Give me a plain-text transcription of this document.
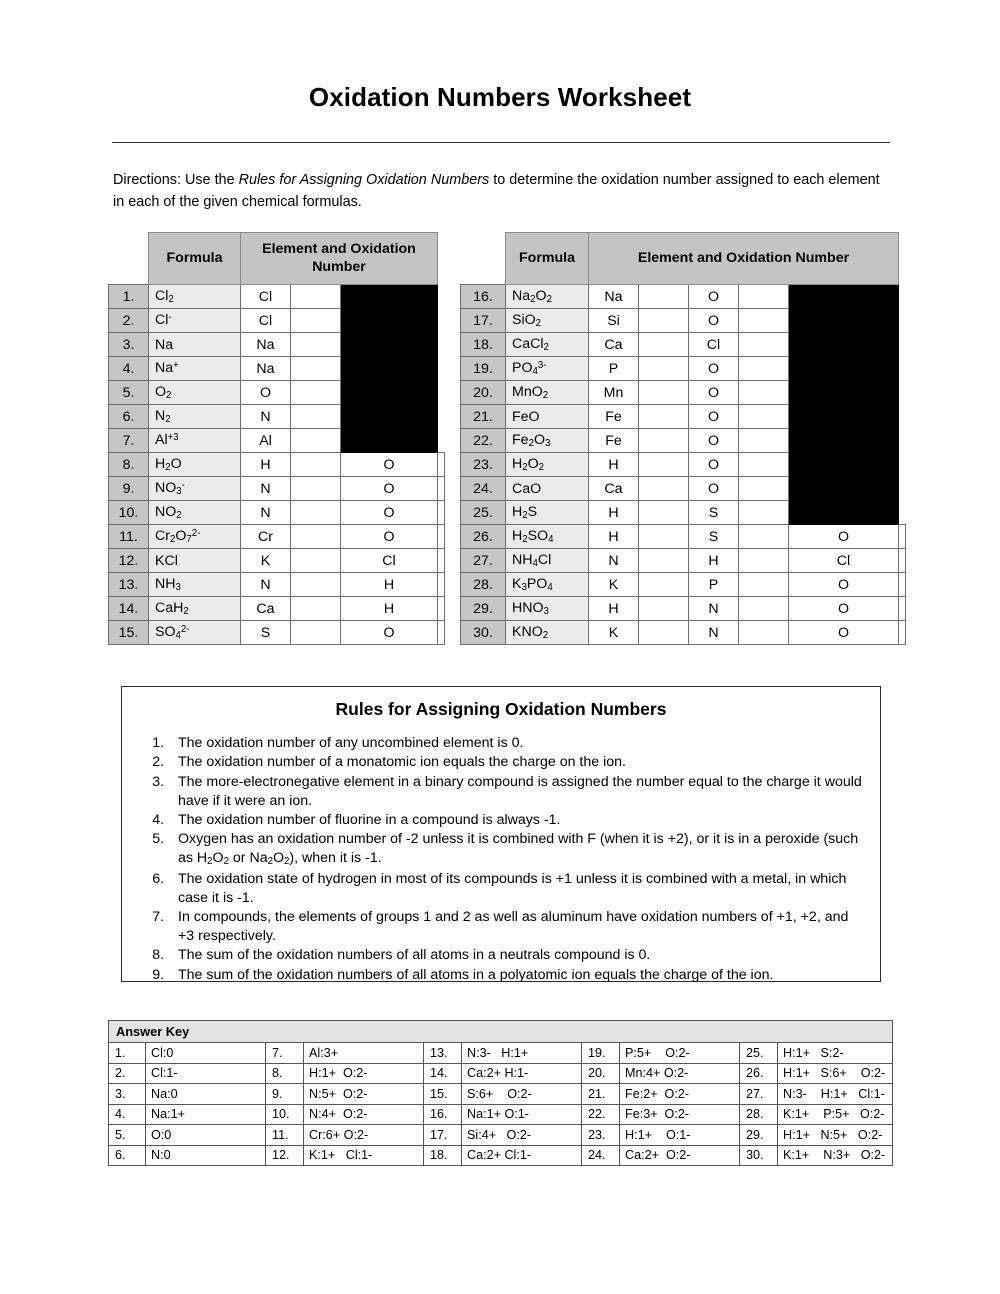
Oxidation Numbers Worksheet
Directions: Use the Rules for Assigning Oxidation Numbers to determine the oxidation number assigned to each element in each of the given chemical formulas.
	Formula	Element and Oxidation Number			
1.	$Cl_2$	Cl			
2.	Cl-	Cl			
3.	Na	Na			
4.	Na+	Na			
5.	$O_2$	O			
6.	$N_2$	N			
7.	$Al^{+3}$	Al			
8.	$H_2O$	H		O	
9.	$NO_3^-$	N		O	
10.	$NO_2$	N		O	
11.	$Cr_2O_7^{2-}$	Cr		O	
12.	KCl	K		Cl	
13.	$NH_3$	N		H	
14.	CaH$_2$	Ca		H	
15.	$SO_4^{2-}$	S		O	
	Formula	Element and Oxidation Number					
16.	$Na_2O_2$	Na		O			
17.	SiO$_2$	Si		O			
18.	CaCl$_2$	Ca		Cl			
19.	$PO_4^{3-}$	P		O			
20.	MnO$_2$	Mn		O			
21.	FeO	Fe		O			
22.	$Fe_2O_3$	Fe		O			
23.	$H_2O_2$	H		O			
24.	CaO	Ca		O			
25.	$H_2S$	H		S			
26.	$H_2SO_4$	H		S		O	
27.	$NH_4Cl$	N		H		Cl	
28.	$K_3PO_4$	K		P		O	
29.	$HNO_3$	H		N		O	
30.	$KNO_2$	K		N		O	
Rules for Assigning Oxidation Numbers
1. The oxidation number of any uncombined element is 0.
2. The oxidation number of a monatomic ion equals the charge on the ion.
3. The more-electronegative element in a binary compound is assigned the number equal to the charge it would have if it were an ion.
4. The oxidation number of fluorine in a compound is always -1.
5. Oxygen has an oxidation number of -2 unless it is combined with F (when it is +2), or it is in a peroxide (such as $H_2O_2$ or $Na_2O_2$), when it is -1.
6. The oxidation state of hydrogen in most of its compounds is +1 unless it is combined with a metal, in which case it is -1.
7. In compounds, the elements of groups 1 and 2 as well as aluminum have oxidation numbers of +1, +2, and +3 respectively.
8. The sum of the oxidation numbers of all atoms in a neutrals compound is 0.
9. The sum of the oxidation numbers of all atoms in a polyatomic ion equals the charge of the ion.
Answer Key									
1.	Cl:0	7.	Al:3+	13.	N:3-   H:1+	19.	P:5+    O:2-	25.	H:1+   S:2-
2.	Cl:1-	8.	H:1+  O:2-	14.	Ca:2+ H:1-	20.	Mn:4+ O:2-	26.	H:1+   S:6+    O:2-
3.	Na:0	9.	N:5+  O:2-	15.	S:6+    O:2-	21.	Fe:2+  O:2-	27.	N:3-    H:1+   Cl:1-
4.	Na:1+	10.	N:4+  O:2-	16.	Na:1+ O:1-	22.	Fe:3+  O:2-	28.	K:1+    P:5+   O:2-
5.	O:0	11.	Cr:6+ O:2-	17.	Si:4+   O:2-	23.	H:1+    O:1-	29.	H:1+   N:5+   O:2-
6.	N:0	12.	K:1+   Cl:1-	18.	Ca:2+ Cl:1-	24.	Ca:2+  O:2-	30.	K:1+    N:3+   O:2-
